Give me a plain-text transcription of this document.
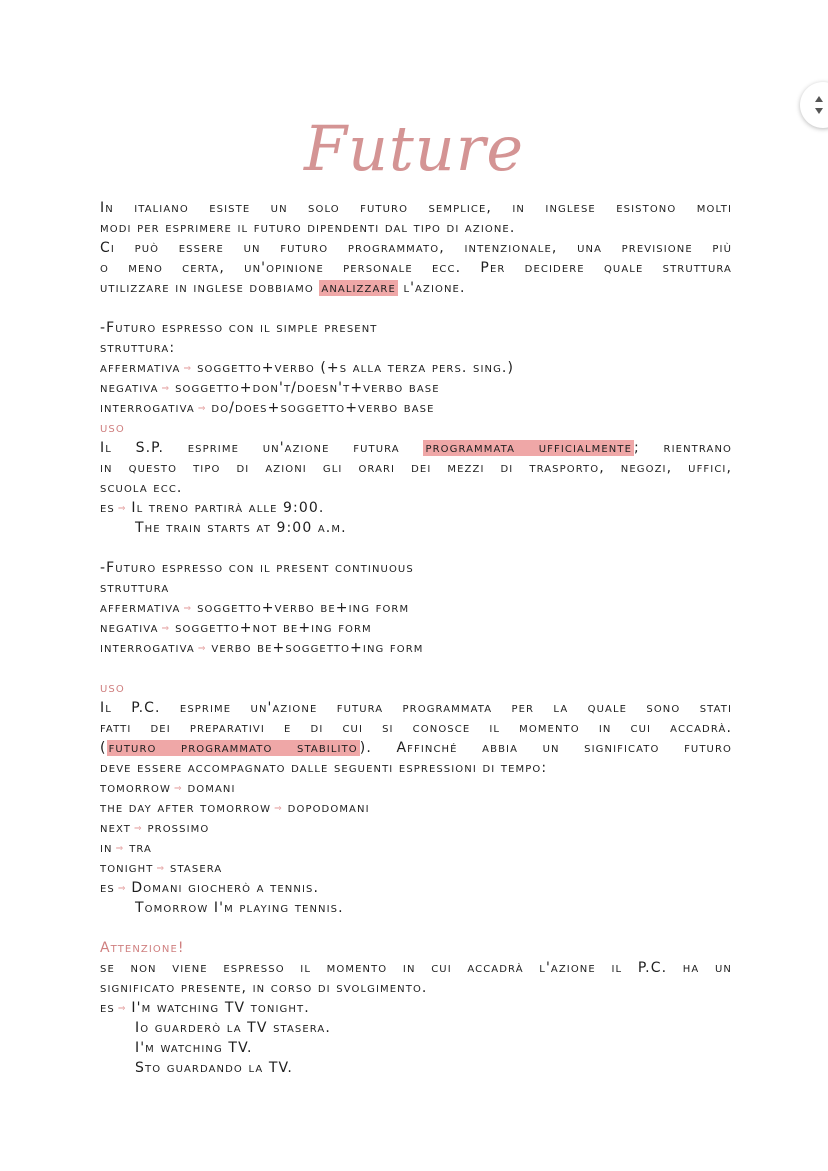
Future
In italiano esiste un solo futuro semplice, in inglese esistono molti
modi per esprimere il futuro dipendenti dal tipo di azione.
Ci può essere un futuro programmato, intenzionale, una previsione più
o meno certa, un'opinione personale ecc. Per decidere quale struttura
utilizzare in inglese dobbiamo analizzare l'azione.
-Futuro espresso con il simple present
struttura:
affermativa ⇒ soggetto+verbo (+s alla terza pers. sing.)
negativa ⇒ soggetto+don't/doesn't+verbo base
interrogativa ⇒ do/does+soggetto+verbo base
uso
Il S.P. esprime un'azione futura programmata ufficialmente ; rientrano
in questo tipo di azioni gli orari dei mezzi di trasporto, negozi, uffici,
scuola ecc.
es ⇒ Il treno partirà alle 9:00.
The train starts at 9:00 a.m.
-Futuro espresso con il present continuous
struttura
affermativa ⇒ soggetto+verbo be+ing form
negativa ⇒ soggetto+not be+ing form
interrogativa ⇒ verbo be+soggetto+ing form
uso
Il P.C. esprime un'azione futura programmata per la quale sono stati
fatti dei preparativi e di cui si conosce il momento in cui accadrà.
( futuro programmato stabilito ). Affinché abbia un significato futuro
deve essere accompagnato dalle seguenti espressioni di tempo:
tomorrow ⇒ domani
the day after tomorrow ⇒ dopodomani
next ⇒ prossimo
in ⇒ tra
tonight ⇒ stasera
es ⇒ Domani giocherò a tennis.
Tomorrow I'm playing tennis.
Attenzione!
se non viene espresso il momento in cui accadrà l'azione il P.C. ha un
significato presente, in corso di svolgimento.
es ⇒ I'm watching TV tonight.
Io guarderò la TV stasera.
I'm watching TV.
Sto guardando la TV.
